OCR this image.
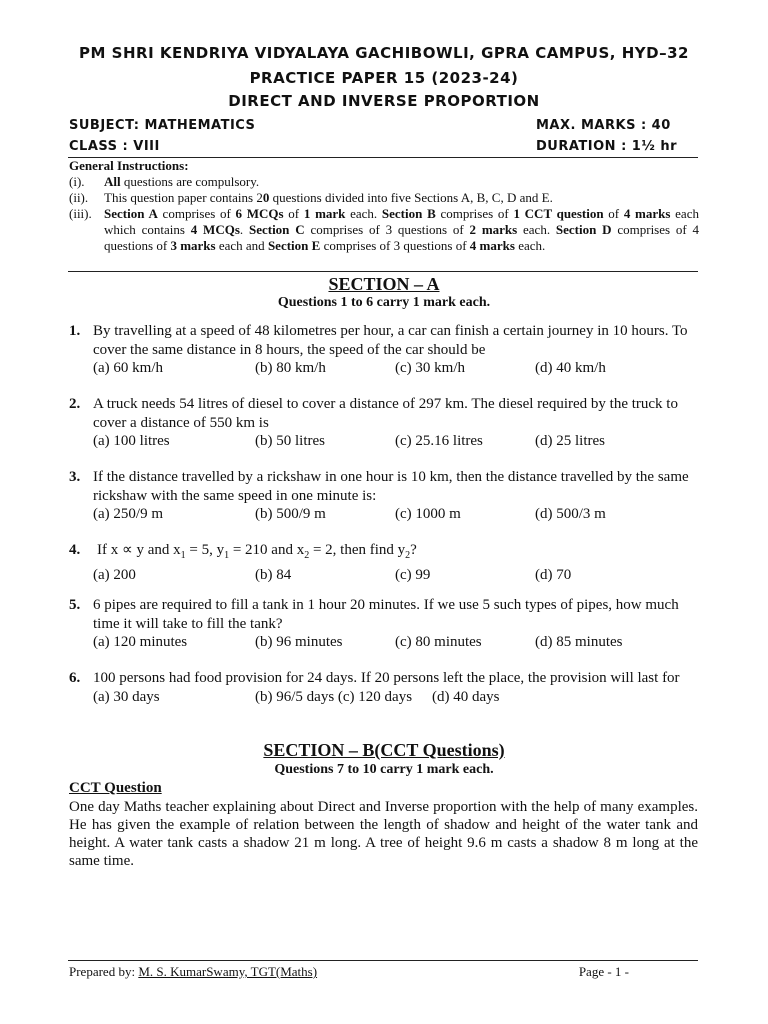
PM SHRI KENDRIYA VIDYALAYA GACHIBOWLI, GPRA CAMPUS, HYD–32
PRACTICE PAPER 15 (2023-24)
DIRECT AND INVERSE PROPORTION
SUBJECT: MATHEMATICS	MAX. MARKS : 40
CLASS : VIII	DURATION : 1½ hr
General Instructions:
(i). All questions are compulsory.
(ii). This question paper contains 20 questions divided into five Sections A, B, C, D and E.
(iii). Section A comprises of 6 MCQs of 1 mark each. Section B comprises of 1 CCT question of 4 marks each which contains 4 MCQs. Section C comprises of 3 questions of 2 marks each. Section D comprises of 4 questions of 3 marks each and Section E comprises of 3 questions of 4 marks each.
SECTION – A
Questions 1 to 6 carry 1 mark each.
1. By travelling at a speed of 48 kilometres per hour, a car can finish a certain journey in 10 hours. To cover the same distance in 8 hours, the speed of the car should be
(a) 60 km/h	(b) 80 km/h	(c) 30 km/h	(d) 40 km/h
2. A truck needs 54 litres of diesel to cover a distance of 297 km. The diesel required by the truck to cover a distance of 550 km is
(a) 100 litres	(b) 50 litres	(c) 25.16 litres	(d) 25 litres
3. If the distance travelled by a rickshaw in one hour is 10 km, then the distance travelled by the same rickshaw with the same speed in one minute is:
(a) 250/9 m	(b) 500/9 m	(c) 1000 m	(d) 500/3 m
4. If x ∝ y and $x_1 = 5$, $y_1 = 210$ and $x_2 = 2$, then find $y_2$?
(a) 200	(b) 84	(c) 99	(d) 70
5. 6 pipes are required to fill a tank in 1 hour 20 minutes. If we use 5 such types of pipes, how much time it will take to fill the tank?
(a) 120 minutes	(b) 96 minutes	(c) 80 minutes	(d) 85 minutes
6. 100 persons had food provision for 24 days. If 20 persons left the place, the provision will last for
(a) 30 days	(b) 96/5 days (c) 120 days (d) 40 days
SECTION – B(CCT Questions)
Questions 7 to 10 carry 1 mark each.
CCT Question
One day Maths teacher explaining about Direct and Inverse proportion with the help of many examples. He has given the example of relation between the length of shadow and height of the water tank and height. A water tank casts a shadow 21 m long. A tree of height 9.6 m casts a shadow 8 m long at the same time.
Prepared by: M. S. KumarSwamy, TGT(Maths)	Page - 1 -
